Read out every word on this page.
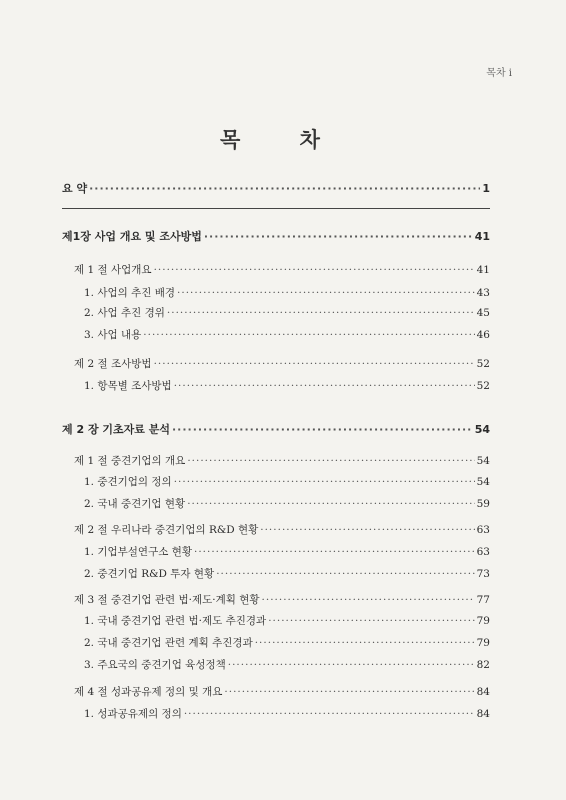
목차 i
목 차
요 약 ·····	1
제1장 사업 개요 및 조사방법 ·····	41
제 1 절 사업개요 ·····	41
1. 사업의 추진 배경 ·····	43
2. 사업 추진 경위 ·····	45
3. 사업 내용 ·····	46
제 2 절 조사방법 ·····	52
1. 항목별 조사방법 ·····	52
제 2 장 기초자료 분석 ·····	54
제 1 절 중견기업의 개요 ·····	54
1. 중견기업의 정의 ·····	54
2. 국내 중견기업 현황 ·····	59
제 2 절 우리나라 중견기업의 R&D 현황 ·····	63
1. 기업부설연구소 현황 ·····	63
2. 중견기업 R&D 투자 현황 ·····	73
제 3 절 중견기업 관련 법·제도·계획 현황 ·····	77
1. 국내 중견기업 관련 법·제도 추진경과 ·····	79
2. 국내 중견기업 관련 계획 추진경과 ·····	79
3. 주요국의 중견기업 육성정책 ·····	82
제 4 절 성과공유제 정의 및 개요 ·····	84
1. 성과공유제의 정의 ·····	84
